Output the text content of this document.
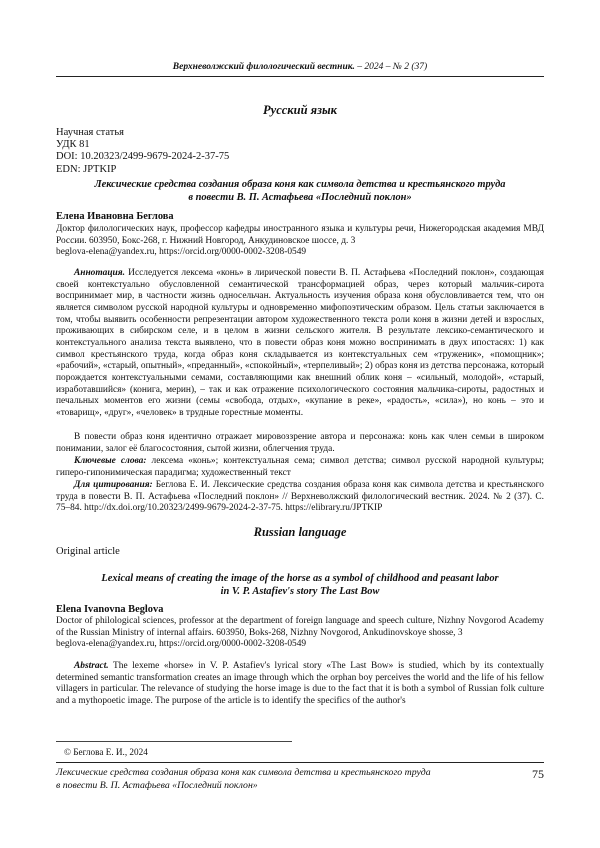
Верхневолжский филологический вестник. – 2024 – № 2 (37)
Русский язык
Научная статья
УДК 81
DOI: 10.20323/2499-9679-2024-2-37-75
EDN: JPTKIP
Лексические средства создания образа коня как символа детства и крестьянского труда
в повести В. П. Астафьева «Последний поклон»
Елена Ивановна Беглова
Доктор филологических наук, профессор кафедры иностранного языка и культуры речи, Нижегородская академия МВД России. 603950, Бокс-268, г. Нижний Новгород, Анкудиновское шоссе, д. 3
beglova-elena@yandex.ru, https://orcid.org/0000-0002-3208-0549
Аннотация. Исследуется лексема «конь» в лирической повести В. П. Астафьева «Последний поклон», создающая своей контекстуально обусловленной семантической трансформацией образ, через который мальчик-сирота воспринимает мир, в частности жизнь односельчан. Актуальность изучения образа коня обусловливается тем, что он является символом русской народной культуры и одновременно мифопоэтическим образом. Цель статьи заключается в том, чтобы выявить особенности репрезентации автором художественного текста роли коня в жизни детей и взрослых, проживающих в сибирском селе, и в целом в жизни сельского жителя. В результате лексико-семантического и контекстуального анализа текста выявлено, что в повести образ коня можно воспринимать в двух ипостасях: 1) как символ крестьянского труда, когда образ коня складывается из контекстуальных сем «труженик», «помощник»; «рабочий», «старый, опытный», «преданный», «спокойный», «терпеливый»; 2) образ коня из детства персонажа, который порождается контекстуальными семами, составляющими как внешний облик коня – «сильный, молодой», «старый, изработавшийся» (конига, мерин), – так и как отражение психологического состояния мальчика-сироты, радостных и печальных моментов его жизни (семы «свобода, отдых», «купание в реке», «радость», «сила»), но конь – это и «товарищ», «друг», «человек» в трудные горестные моменты.
В повести образ коня идентично отражает мировоззрение автора и персонажа: конь как член семьи в широком понимании, залог её благосостояния, сытой жизни, облегчения труда.
Ключевые слова: лексема «конь»; контекстуальная сема; символ детства; символ русской народной культуры; гиперо-гипонимическая парадигма; художественный текст
Для цитирования: Беглова Е. И. Лексические средства создания образа коня как символа детства и крестьянского труда в повести В. П. Астафьева «Последний поклон» // Верхневолжский филологический вестник. 2024. № 2 (37). С. 75–84. http://dx.doi.org/10.20323/2499-9679-2024-2-37-75. https://elibrary.ru/JPTKIP
Russian language
Original article
Lexical means of creating the image of the horse as a symbol of childhood and peasant labor
in V. P. Astafiev's story The Last Bow
Elena Ivanovna Beglova
Doctor of philological sciences, professor at the department of foreign language and speech culture, Nizhny Novgorod Academy of the Russian Ministry of internal affairs. 603950, Boks-268, Nizhny Novgorod, Ankudinovskoye shosse, 3
beglova-elena@yandex.ru, https://orcid.org/0000-0002-3208-0549
Abstract. The lexeme «horse» in V. P. Astafiev's lyrical story «The Last Bow» is studied, which by its contextually determined semantic transformation creates an image through which the orphan boy perceives the world and the life of his fellow villagers in particular. The relevance of studying the horse image is due to the fact that it is both a symbol of Russian folk culture and a mythopoetic image. The purpose of the article is to identify the specifics of the author's
© Беглова Е. И., 2024
Лексические средства создания образа коня как символа детства и крестьянского труда
в повести В. П. Астафьева «Последний поклон»
75
